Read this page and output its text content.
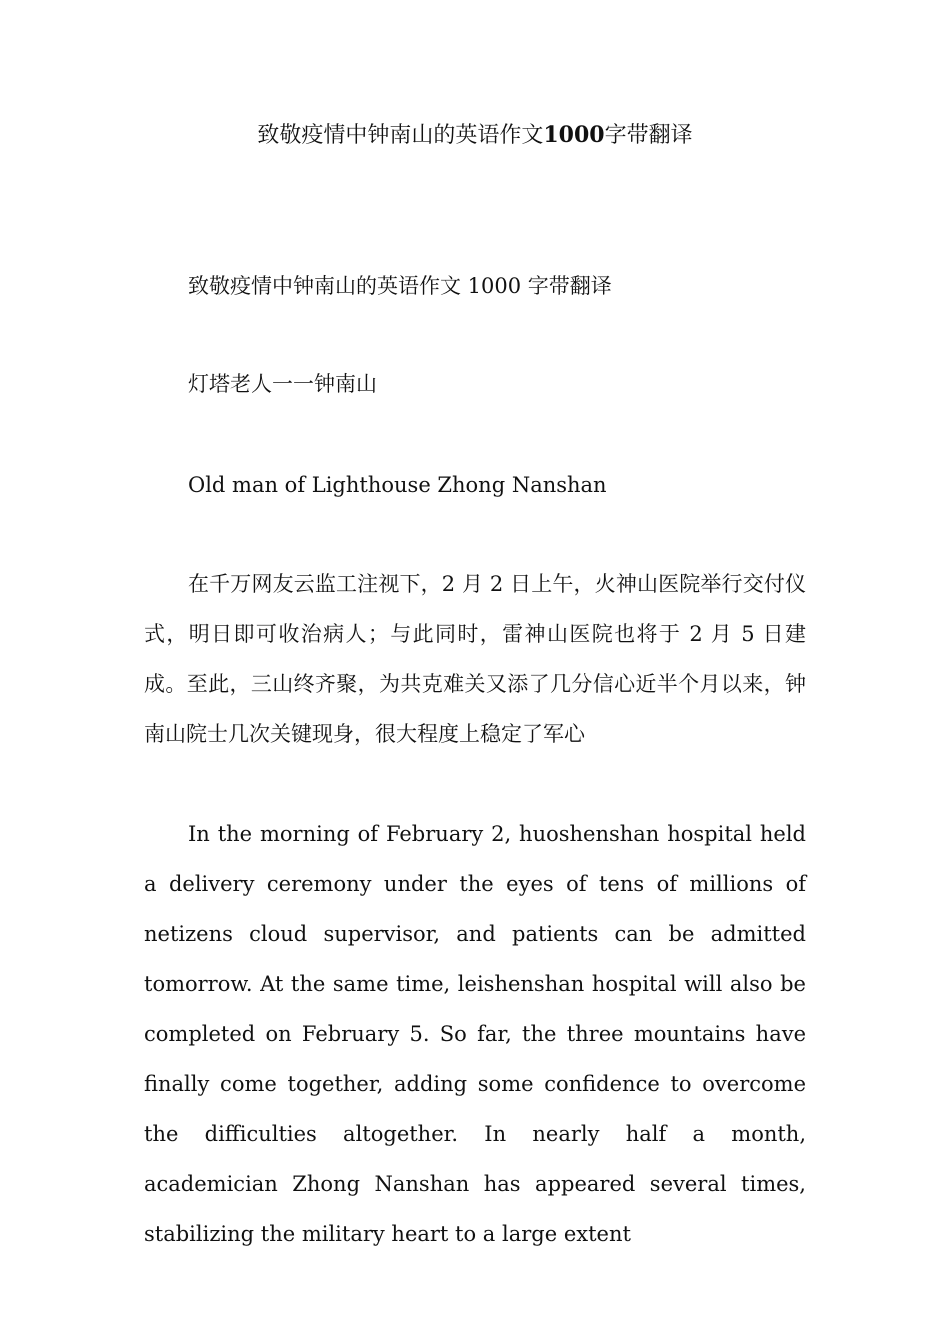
致敬疫情中钟南山的英语作文1000字带翻译

致敬疫情中钟南山的英语作文 1000 字带翻译

灯塔老人一一钟南山

Old man of Lighthouse Zhong Nanshan

在千万网友云监工注视下，2 月 2 日上午，火神山医院举行交付仪式，明日即可收治病人；与此同时，雷神山医院也将于 2 月 5 日建成。至此，三山终齐聚，为共克难关又添了几分信心近半个月以来，钟南山院士几次关键现身，很大程度上稳定了军心

In the morning of February 2, huoshenshan hospital held a delivery ceremony under the eyes of tens of millions of netizens cloud supervisor, and patients can be admitted tomorrow. At the same time, leishenshan hospital will also be completed on February 5. So far, the three mountains have finally come together, adding some confidence to overcome the difficulties altogether. In nearly half a month, academician Zhong Nanshan has appeared several times, stabilizing the military heart to a large extent
